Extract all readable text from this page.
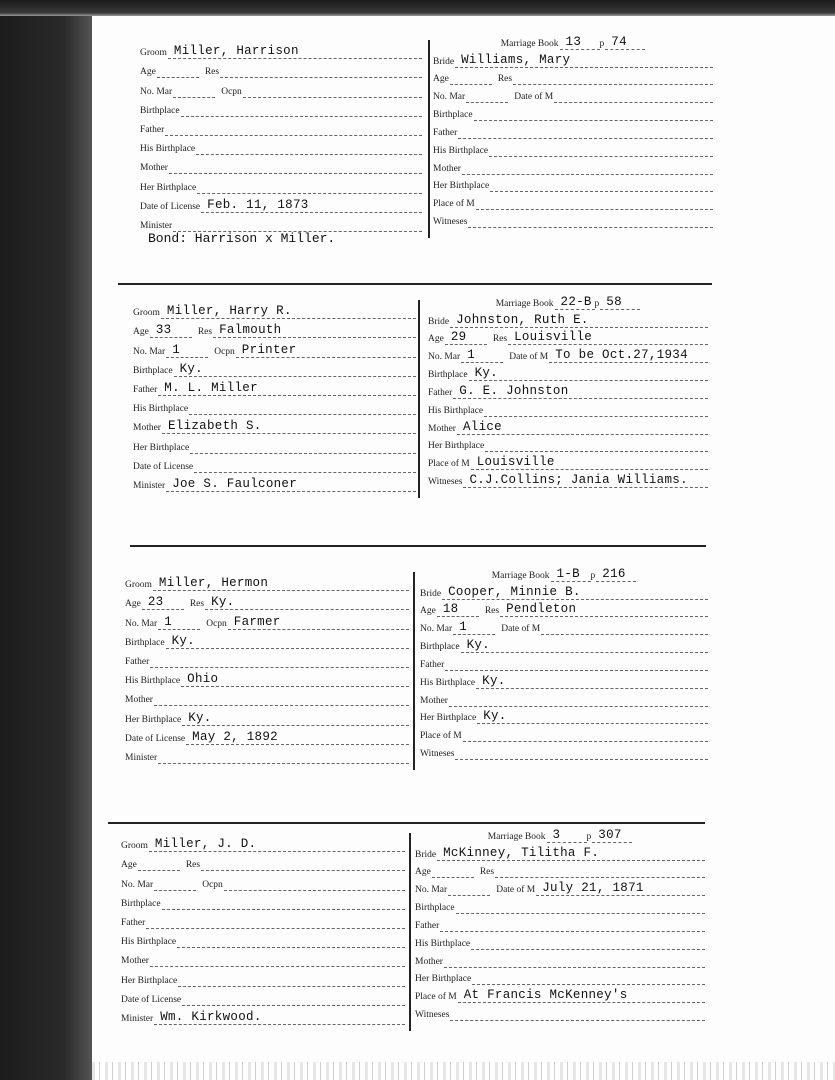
Groom Miller, Harrison
Age	Res
No. Mar	Ocpn
Birthplace
Father
His Birthplace
Mother
Her Birthplace
Date of License Feb. 11, 1873
Minister
Marriage Book 13 p 74
Bride Williams, Mary
Age	Res
No. Mar	Date of M
Birthplace
Father
His Birthplace
Mother
Her Birthplace
Place of M
Witneses
Groom Miller, Harry R.
Age 33	Res Falmouth
No. Mar 1	Ocpn Printer
Birthplace Ky.
Father M. L. Miller
His Birthplace
Mother Elizabeth S.
Her Birthplace
Date of License
Minister Joe S. Faulconer
Marriage Book 22-B p 58
Bride Johnston, Ruth E.
Age 29	Res Louisville
No. Mar 1	Date of M To be Oct.27,1934
Birthplace Ky.
Father G. E. Johnston
His Birthplace
Mother Alice
Her Birthplace
Place of M Louisville
Witneses C.J.Collins; Jania Williams.
Groom Miller, Hermon
Age 23	Res Ky.
No. Mar 1	Ocpn Farmer
Birthplace Ky.
Father
His Birthplace Ohio
Mother
Her Birthplace Ky.
Date of License May 2, 1892
Minister
Marriage Book 1-B p 216
Bride Cooper, Minnie B.
Age 18	Res Pendleton
No. Mar 1	Date of M
Birthplace Ky.
Father
His Birthplace Ky.
Mother
Her Birthplace Ky.
Place of M
Witneses
Groom Miller, J. D.
Age	Res
No. Mar	Ocpn
Birthplace
Father
His Birthplace
Mother
Her Birthplace
Date of License
Minister Wm. Kirkwood.
Marriage Book 3	p 307
Bride McKinney, Tilitha F.
Age	Res
No. Mar	Date of M July 21, 1871
Birthplace
Father
His Birthplace
Mother
Her Birthplace
Place of M At Francis McKenney's
Witneses
Bond: Harrison x Miller.
